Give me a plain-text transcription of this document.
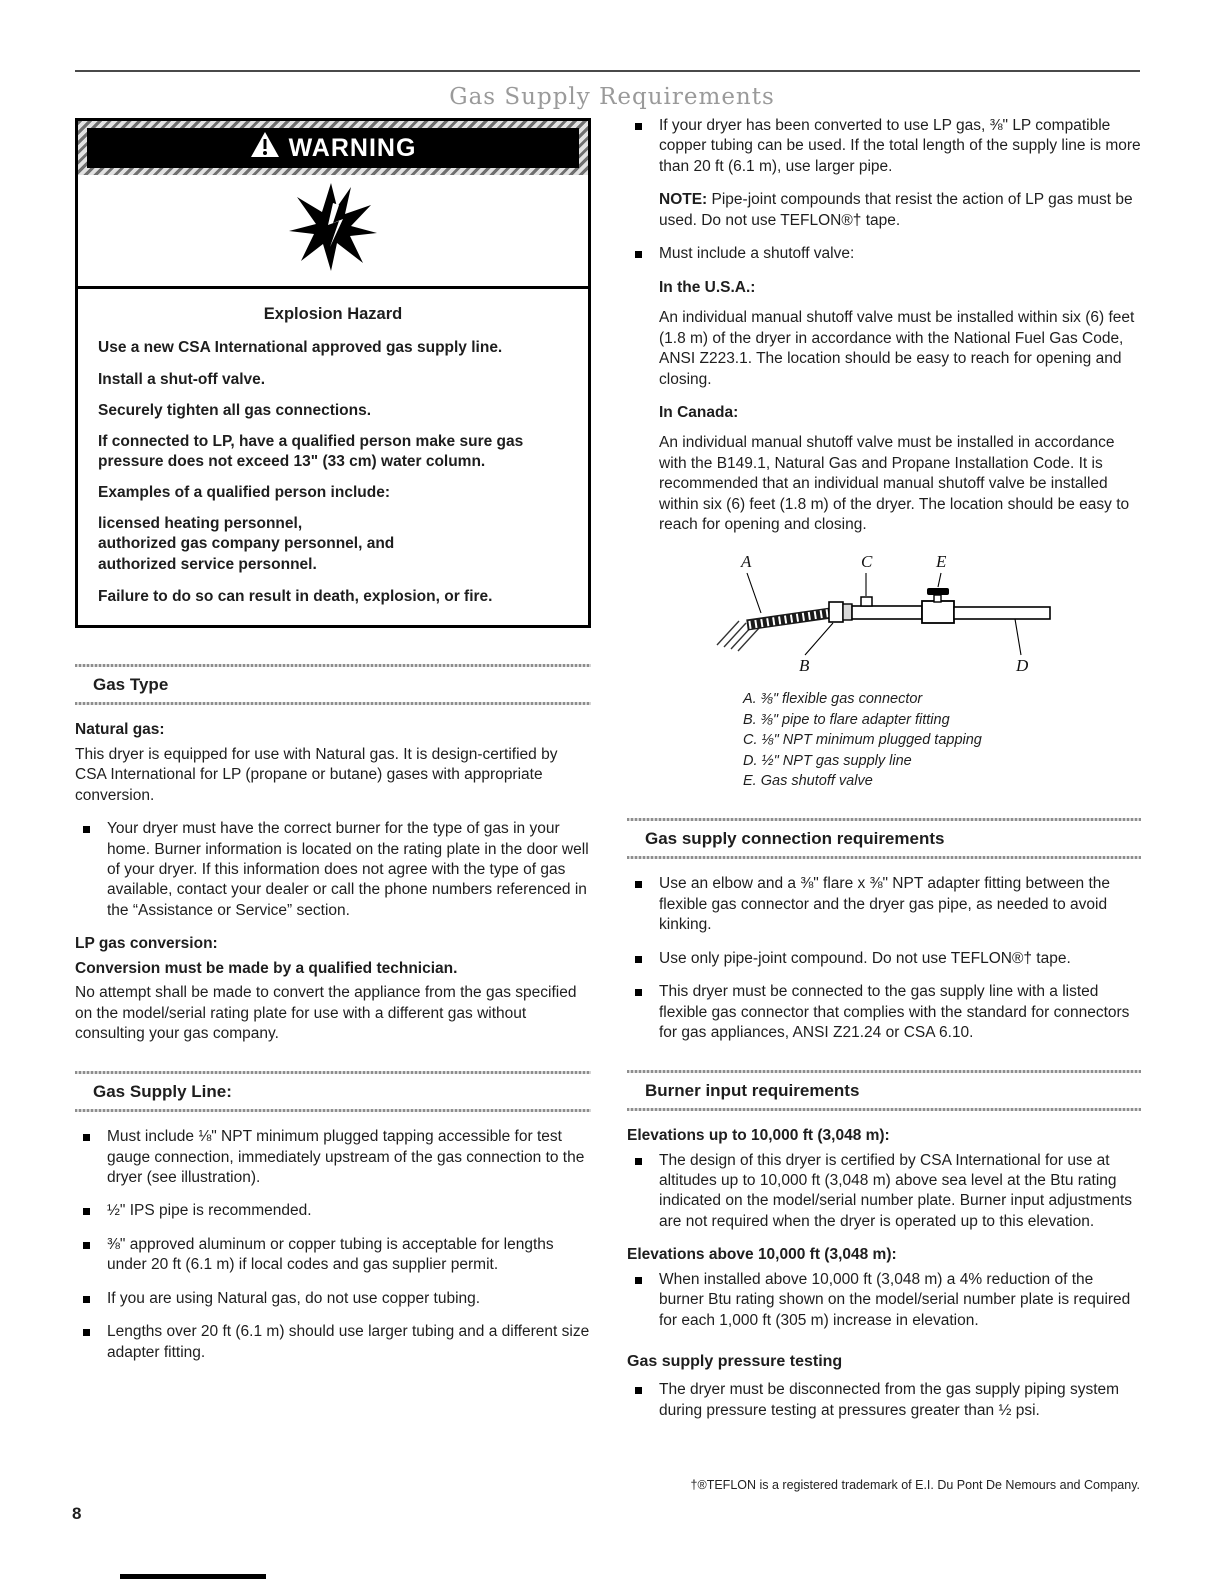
Gas Supply Requirements
WARNING
Explosion Hazard

Use a new CSA International approved gas supply line.

Install a shut-off valve.

Securely tighten all gas connections.

If connected to LP, have a qualified person make sure gas pressure does not exceed 13" (33 cm) water column.

Examples of a qualified person include:

licensed heating personnel,

authorized gas company personnel, and

authorized service personnel.

Failure to do so can result in death, explosion, or fire.

Gas Type

Natural gas:

This dryer is equipped for use with Natural gas. It is design-certified by CSA International for LP (propane or butane) gases with appropriate conversion.

Your dryer must have the correct burner for the type of gas in your home. Burner information is located on the rating plate in the door well of your dryer. If this information does not agree with the type of gas available, contact your dealer or call the phone numbers referenced in the “Assistance or Service” section.

LP gas conversion:

Conversion must be made by a qualified technician.

No attempt shall be made to convert the appliance from the gas specified on the model/serial rating plate for use with a different gas without consulting your gas company.

Gas Supply Line:
Must include ⅛" NPT minimum plugged tapping accessible for test gauge connection, immediately upstream of the gas connection to the dryer (see illustration).
½" IPS pipe is recommended.
⅜" approved aluminum or copper tubing is acceptable for lengths under 20 ft (6.1 m) if local codes and gas supplier permit.
If you are using Natural gas, do not use copper tubing.
Lengths over 20 ft (6.1 m) should use larger tubing and a different size adapter fitting.
If your dryer has been converted to use LP gas, ⅜" LP compatible copper tubing can be used. If the total length of the supply line is more than 20 ft (6.1 m), use larger pipe.

NOTE: Pipe-joint compounds that resist the action of LP gas must be used. Do not use TEFLON®† tape.

Must include a shutoff valve:

In the U.S.A.:

An individual manual shutoff valve must be installed within six (6) feet (1.8 m) of the dryer in accordance with the National Fuel Gas Code, ANSI Z223.1. The location should be easy to reach for opening and closing.

In Canada:

An individual manual shutoff valve must be installed in accordance with the B149.1, Natural Gas and Propane Installation Code. It is recommended that an individual manual shutoff valve be installed within six (6) feet (1.8 m) of the dryer. The location should be easy to reach for opening and closing.

A	C	E
B	D
A. ⅜" flexible gas connector
B. ⅜" pipe to flare adapter fitting
C. ⅛" NPT minimum plugged tapping
D. ½" NPT gas supply line
E. Gas shutoff valve
Gas supply connection requirements
Use an elbow and a ⅜" flare x ⅜" NPT adapter fitting between the flexible gas connector and the dryer gas pipe, as needed to avoid kinking.
Use only pipe-joint compound. Do not use TEFLON®† tape.
This dryer must be connected to the gas supply line with a listed flexible gas connector that complies with the standard for connectors for gas appliances, ANSI Z21.24 or CSA 6.10.
Burner input requirements

Elevations up to 10,000 ft (3,048 m):

The design of this dryer is certified by CSA International for use at altitudes up to 10,000 ft (3,048 m) above sea level at the Btu rating indicated on the model/serial number plate. Burner input adjustments are not required when the dryer is operated up to this elevation.

Elevations above 10,000 ft (3,048 m):

When installed above 10,000 ft (3,048 m) a 4% reduction of the burner Btu rating shown on the model/serial number plate is required for each 1,000 ft (305 m) increase in elevation.

Gas supply pressure testing

The dryer must be disconnected from the gas supply piping system during pressure testing at pressures greater than ½ psi.
†®TEFLON is a registered trademark of E.I. Du Pont De Nemours and Company.
8
